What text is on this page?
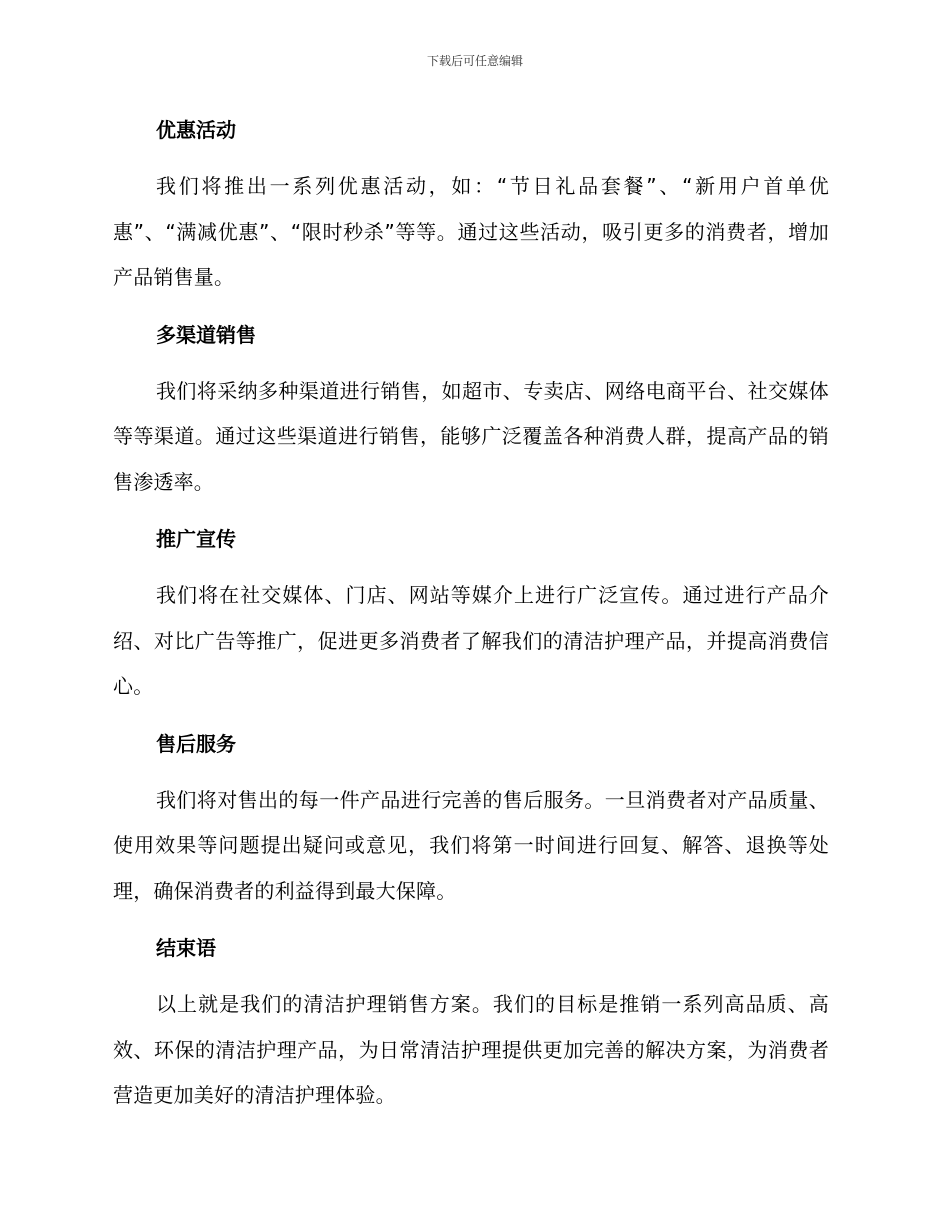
下载后可任意编辑
优惠活动

我们将推出一系列优惠活动，如：“节日礼品套餐”、“新用户首单优惠”、“满减优惠”、“限时秒杀”等等。通过这些活动，吸引更多的消费者，增加产品销售量。

多渠道销售

我们将采纳多种渠道进行销售，如超市、专卖店、网络电商平台、社交媒体等等渠道。通过这些渠道进行销售，能够广泛覆盖各种消费人群，提高产品的销售渗透率。

推广宣传

我们将在社交媒体、门店、网站等媒介上进行广泛宣传。通过进行产品介绍、对比广告等推广，促进更多消费者了解我们的清洁护理产品，并提高消费信心。

售后服务

我们将对售出的每一件产品进行完善的售后服务。一旦消费者对产品质量、使用效果等问题提出疑问或意见，我们将第一时间进行回复、解答、退换等处理，确保消费者的利益得到最大保障。

结束语

以上就是我们的清洁护理销售方案。我们的目标是推销一系列高品质、高效、环保的清洁护理产品，为日常清洁护理提供更加完善的解决方案，为消费者营造更加美好的清洁护理体验。
